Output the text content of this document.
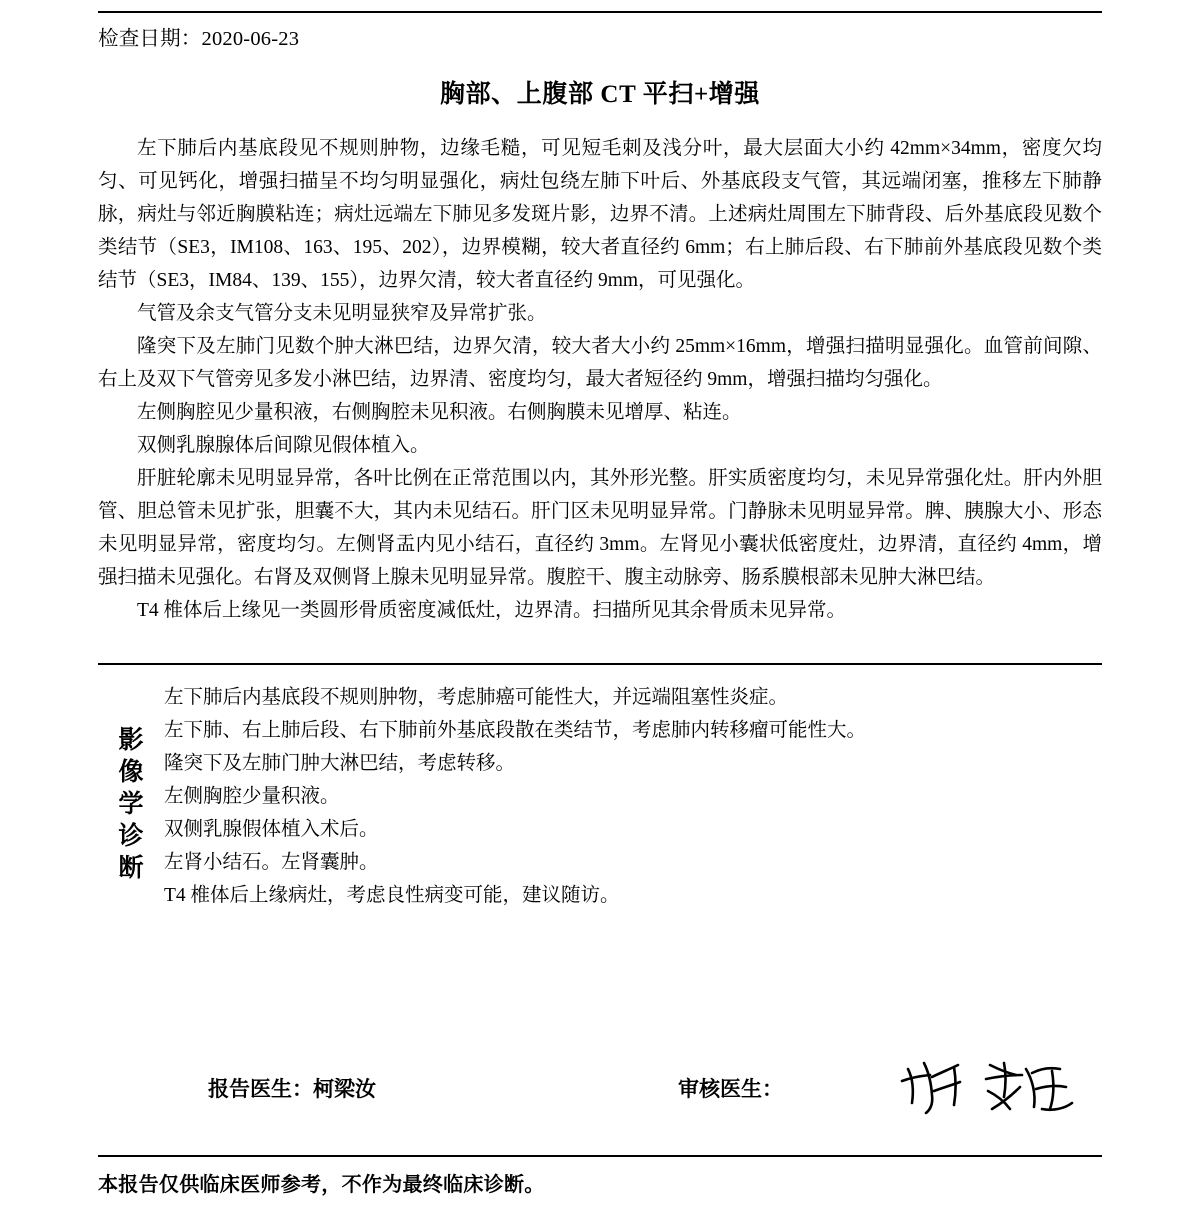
检查日期：2020-06-23
胸部、上腹部 CT 平扫+增强

左下肺后内基底段见不规则肿物，边缘毛糙，可见短毛刺及浅分叶，最大层面大小约 42mm×34mm，密度欠均匀、可见钙化，增强扫描呈不均匀明显强化，病灶包绕左肺下叶后、外基底段支气管，其远端闭塞，推移左下肺静脉，病灶与邻近胸膜粘连；病灶远端左下肺见多发斑片影，边界不清。上述病灶周围左下肺背段、后外基底段见数个类结节（SE3，IM108、163、195、202），边界模糊，较大者直径约 6mm；右上肺后段、右下肺前外基底段见数个类结节（SE3，IM84、139、155），边界欠清，较大者直径约 9mm，可见强化。

气管及余支气管分支未见明显狭窄及异常扩张。

隆突下及左肺门见数个肿大淋巴结，边界欠清，较大者大小约 25mm×16mm，增强扫描明显强化。血管前间隙、右上及双下气管旁见多发小淋巴结，边界清、密度均匀，最大者短径约 9mm，增强扫描均匀强化。

左侧胸腔见少量积液，右侧胸腔未见积液。右侧胸膜未见增厚、粘连。

双侧乳腺腺体后间隙见假体植入。

肝脏轮廓未见明显异常，各叶比例在正常范围以内，其外形光整。肝实质密度均匀，未见异常强化灶。肝内外胆管、胆总管未见扩张，胆囊不大，其内未见结石。肝门区未见明显异常。门静脉未见明显异常。脾、胰腺大小、形态未见明显异常，密度均匀。左侧肾盂内见小结石，直径约 3mm。左肾见小囊状低密度灶，边界清，直径约 4mm，增强扫描未见强化。右肾及双侧肾上腺未见明显异常。腹腔干、腹主动脉旁、肠系膜根部未见肿大淋巴结。

T4 椎体后上缘见一类圆形骨质密度减低灶，边界清。扫描所见其余骨质未见异常。

影
像
学
诊
断

左下肺后内基底段不规则肿物，考虑肺癌可能性大，并远端阻塞性炎症。

左下肺、右上肺后段、右下肺前外基底段散在类结节，考虑肺内转移瘤可能性大。

隆突下及左肺门肿大淋巴结，考虑转移。

左侧胸腔少量积液。

双侧乳腺假体植入术后。

左肾小结石。左肾囊肿。

T4 椎体后上缘病灶，考虑良性病变可能，建议随访。

报告医生：柯梁汝	审核医生：
本报告仅供临床医师参考，不作为最终临床诊断。
